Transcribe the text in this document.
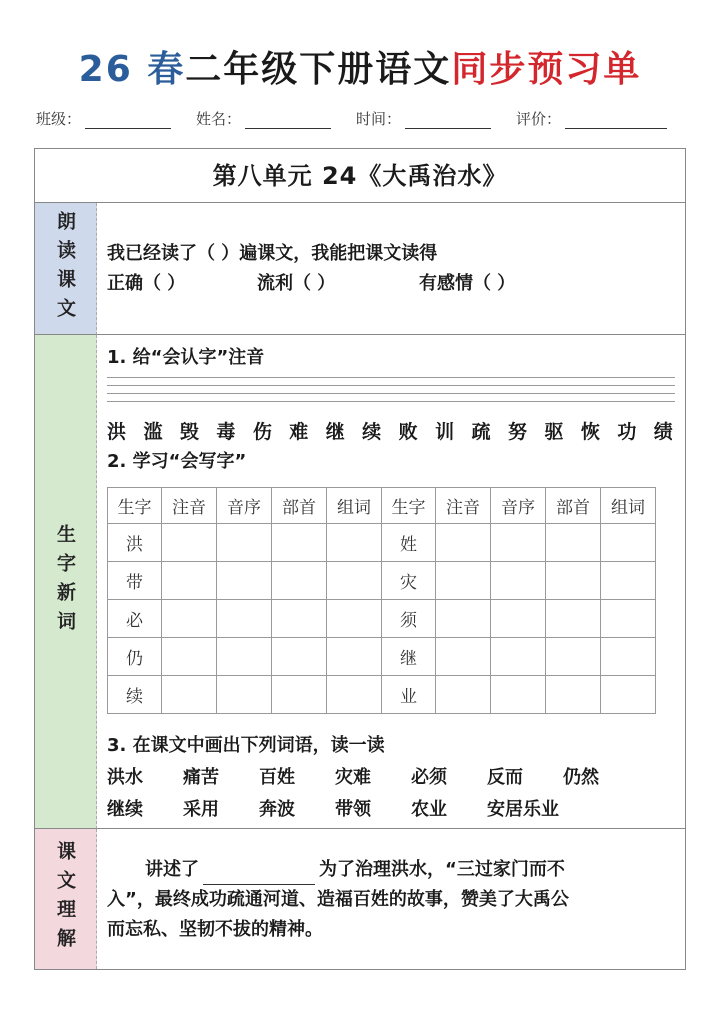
26 春二年级下册语文同步预习单
班级：	姓名：	时间：	评价：
第八单元 24《大禹治水》
朗读课文 我已经读了（ ）遍课文，我能把课文读得
正确（ ）	流利（ ）	有感情（ ）
生字新词
1. 给“会认字”注音
洪 滥 毁 毒 伤 难 继 续 败 训 疏 努 驱 恢 功 绩
2. 学习“会写字”
生字	注音	音序	部首	组词	生字	注音	音序	部首	组词
洪					姓				
带					灾				
必					须				
仍					继				
续					业				
3. 在课文中画出下列词语，读一读
洪水 痛苦 百姓 灾难 必须 反而 仍然
继续 采用 奔波 带领 农业 安居乐业
课文理解	讲述了	为了治理洪水，“三过家门而不
入”，最终成功疏通河道、造福百姓的故事，赞美了大禹公
而忘私、坚韧不拔的精神。
